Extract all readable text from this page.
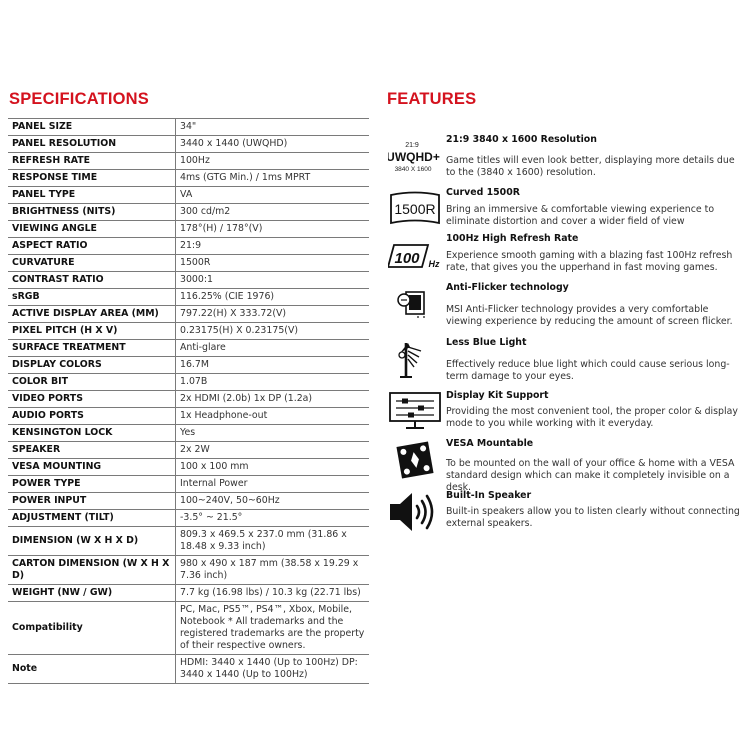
SPECIFICATIONS	FEATURES
PANEL SIZE	34"
PANEL RESOLUTION	3440 x 1440 (UWQHD)
REFRESH RATE	100Hz
RESPONSE TIME	4ms (GTG Min.) / 1ms MPRT
PANEL TYPE	VA
BRIGHTNESS (NITS)	300 cd/m2
VIEWING ANGLE	178°(H) / 178°(V)
ASPECT RATIO	21:9
CURVATURE	1500R
CONTRAST RATIO	3000:1
sRGB	116.25% (CIE 1976)
ACTIVE DISPLAY AREA (MM)	797.22(H) X 333.72(V)
PIXEL PITCH (H X V)	0.23175(H) X 0.23175(V)
SURFACE TREATMENT	Anti-glare
DISPLAY COLORS	16.7M
COLOR BIT	1.07B
VIDEO PORTS	2x HDMI (2.0b) 1x DP (1.2a)
AUDIO PORTS	1x Headphone-out
KENSINGTON LOCK	Yes
SPEAKER	2x 2W
VESA MOUNTING	100 x 100 mm
POWER TYPE	Internal Power
POWER INPUT	100~240V, 50~60Hz
ADJUSTMENT (TILT)	-3.5° ~ 21.5°
DIMENSION (W X H X D)	809.3 x 469.5 x 237.0 mm (31.86 x 18.48 x 9.33 inch)
CARTON DIMENSION (W X H X D)	980 x 490 x 187 mm (38.58 x 19.29 x 7.36 inch)
WEIGHT (NW / GW)	7.7 kg (16.98 lbs) / 10.3 kg (22.71 lbs)
Compatibility	PC, Mac, PS5™, PS4™, Xbox, Mobile, Notebook * All trademarks and the registered trademarks are the property of their respective owners.
Note	HDMI: 3440 x 1440 (Up to 100Hz) DP: 3440 x 1440 (Up to 100Hz)
21:9
UWQHD+
3840 X 1600
21:9 3840 x 1600 Resolution
Game titles will even look better, displaying more details due to the (3840 x 1600) resolution.
1500R
Curved 1500R
Bring an immersive & comfortable viewing experience to eliminate distortion and cover a wider field of view
100 Hz
100Hz High Refresh Rate
Experience smooth gaming with a blazing fast 100Hz refresh rate, that gives you the upperhand in fast moving games.
Anti-Flicker technology
MSI Anti-Flicker technology provides a very comfortable viewing experience by reducing the amount of screen flicker.
Less Blue Light
Effectively reduce blue light which could cause serious long-term damage to your eyes.
Display Kit Support
Providing the most convenient tool, the proper color & display mode to you while working with it everyday.
VESA Mountable
To be mounted on the wall of your office & home with a VESA standard design which can make it completely invisible on a desk.
Built-In Speaker
Built-in speakers allow you to listen clearly without connecting external speakers.
